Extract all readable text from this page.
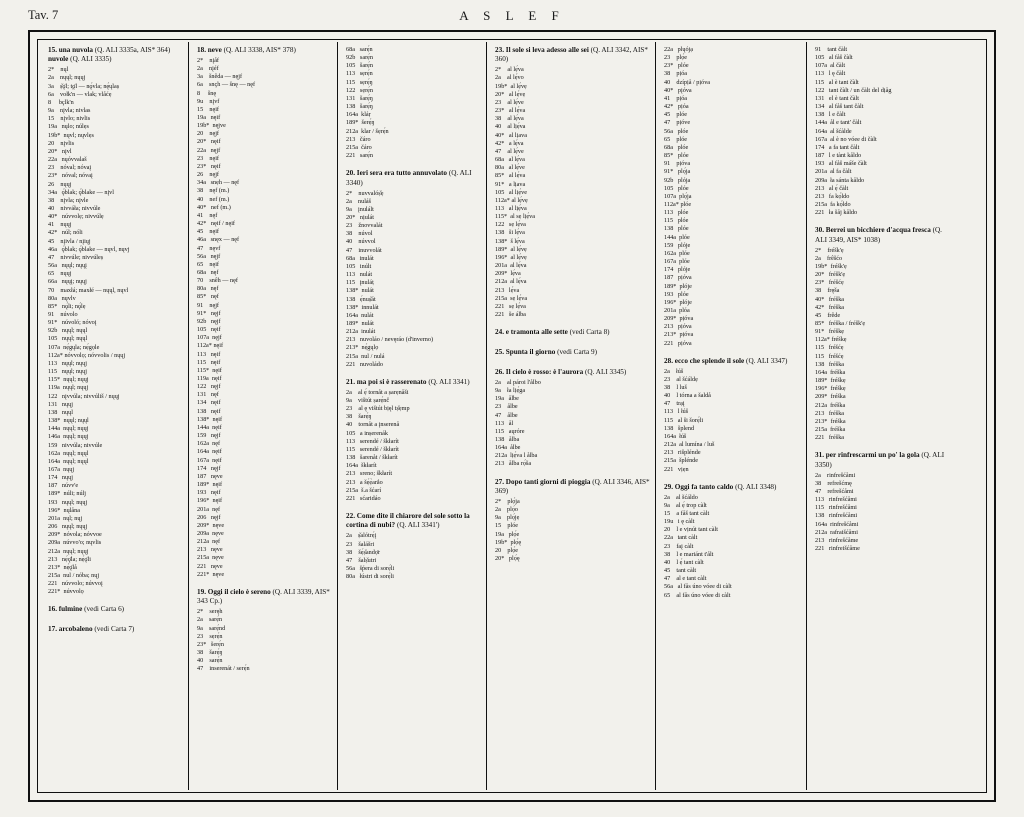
Tav. 7	A S L E F
15. una nuvola (Q. ALI 3335a, AIS* 364)
nuvole (Q. ALI 3335)
2*    nųl
2a    nųųl; nųųj
3a    ṣ̌ǫ̈l; t̜ǫ̈l — nǫ́vla; nę́ųlaṣ
6a    vołk'n — vlak; vlåćẹ
8     bçlk'n
9a    nįvla; nivlas
15    nįvlo; nivlis
19a   nųlo; núlẹs
19b*  nųvl; nųvlẹs
20    nįvlis
20*   nįvl
22a   nųóvvalaš
23    nóval; nóvaį
23*   nóval; nóvaį
26    nųųj
34a   ǫ́blak; ǫ́blake — nįvl
38    nįvla; nįvle
40    nivváła; nivvúle
40*   núvvolẹ; nivvúlẹ
41    nųųj
42*   núl; nóli
45    nįivla / nįiųj
46a   ǫ́blak; ǫ́blake — nųvl, nųvj
47    nivvúle; nivvúleṣ
56a   nųųl; nųųį
65    nųųj
66a   nųųį; nųųj
70    maxłá; maxłé — nųųl, nųvl
80a   nųvlv
85*   nǫ́li; nǫ́lẹ
91    núvolo
91*   núvoló; nóvoį
92b   nųųl; nųųl
105   nųųl; nųųl
107a  nẹ́gųla; nẹ́gọle
112a* nóvvolọ; nóvvolis / nųųj
113   nųųl; nųųj
115   nųųl; nųųj
115*  nųųl; nųųj
119a  nųųl; nųųj
122   nįvvúla; nivvúliš / nųųj
131   nųųj
138   nųųl
138*  nųųl; nųųl
144a  nųųl; nųųj
146a  nųųl; nųųj
159   nivvúla; nivvúle
162a  nųųl; nųųl
164a  nųųl; nųųl
167a  nųųj
174   nųųj
187   núvv'e
189*  núli; núlj
193   nųųl; nųųj
196*  nųlåna
201a  nųl; nųj
206   nųųl; nųųj
209*  nóvola; nóvvoe
209a  núvvo'o; nųvlis
212a  nųųl; nųųj
213   nẹ́ǫ̈la; nẹ́ǫ̈li
213*  nẹ́ǫ̈lå
215a  nul / nóba; nųj
221   núvvolo; núvvoį
221*  núvvolọ
16. fulmine (vedi Carta 6)
17. arcobaleno (vedi Carta 7)
18. neve (Q. ALI 3338, AIS* 378)
2*    nįåf
2a    nįéf
3a    šnêda — nęjf
6a    snçh — šnę — nęf
8     šnę
9u    nįvf
15    nęif
19a   nęif
19b*  nęjve
20    nęjf
20*   nęif
22a   nęjf
23    nęif
23*   nęif
26    nęjf
34a   snẹh — nęf
38    nęf (m.)
40    nef (m.)
40*   nef (m.)
41    nęf
42*   nęif / nęif
45    nęif
46a   snęx — nęf
47    nęvf
56a   nęjf
65    nęif
68a   nęf
70    snêh — nęf
80a   nęf
85*   nęf
91    nęjf
91*   nęjf
92b   nęjf
105   nęif
107a  nęjf
112a* nęif
113   nęif
115   nęif
115*  nęif
119a  nęif
122   nęjf
131   nęf
134   nęif
138   nęif
138*  nęif
144a  nęif
159   nęjf
162a  nęf
164a  nęif
167a  nęif
174   nęjf
187   nęve
189*  nęif
193   nęif
196*  nęif
201a  nęf
206   nęjf
209*  nęve
209a  nęve
212a  nęf
213   nęve
215a  nęve
221   nęve
221*  nęve
19. Oggi il cielo è sereno (Q. ALI 3339, AIS* 343 Cp.)
2*    seręh
2a    sarẹ́n
9a    sarẹ́nd
23    sẹrẹ́n
23*   šerẹ́n
38    šarẹ́ŋ
40    sarẹ́n
47    inserenát / serẹ́n
68a   sarẹ́n
92b   sarẹ́n
105   šarẹ́n
113   sẹrẹ́n
115   sẹrẹ́ŋ
122   sẹrẹ́n
131   šarẹ́ŋ
138   šarẹ́ŋ
164a  kláṛ
189*  šerẹ́ŋ
212a  klar / šẹrẹ́n
213   čáro
215a  čáro
221   sarẹ́n
20. Ieri sera era tutto annuvolato (Q. ALI 3340)
2*    nuvvalóṣ̌ẹ
2a    nuláš
9a    įnulált
20*   nịulát
23    žnovvalát
38    núvol
40    núvvol
47    inuvvolát
68a   inulát
105   inúlt
113   nulát
115   įnuláṭ
138*  nulát
138   ẹ́nuṣ̌át
138*  innulát
164a  nulát
189*  nulát
212a  inulát
213   nuvoláo / nevęráo (d'inverno)
213*  nẹ́gųlọ
215a  nul / nulá
221   nuvoládo
21. ma poi si è rasserenato (Q. ALI 3341)
2a    al ẹ́ tornåt a ṣarẹnåši
9a    vištút ṣarẹ́nč
23    al ę vištút bịęl tṣ̌ẹmp
38    šarẹ́ŋ
40    tornåt a įnserenå
105   a inṣerenák
113   serendé / škłarít
115   serendé / škłarít
138   šarenåt / škłarít
164a  škłarít
213   sreno; škłarít
213   a šẹ́ẹ̀arắo
215a  š.a šćarí
221   sćaridáo
22. Come dite il chiarore del sole sotto la cortina di nubi? (Q. ALI 3341')
2a    ṣ̌alótrẹ́į
23    šalášri
38    šẹ́ṣ̌andọ̈r
47    šalṣ̌utri
56a   šṕera di sorẹ́li
80a   łústri di sorẹ́li
23. Il sole si leva adesso alle sei (Q. ALI 3342, AIS* 360)
2*    al lẹ́va
2a    al lẹ́vo
19b*  al lẹ́vẹ
20*   al lẹ́vẹ
23    al lẹ́ve
23*   al lẹ́va
38    al lẹ́va
40    al lịẹ́va
40*   al lịava
42*   a lẹ́va
47    al lẹ́ve
68a   al lẹ́va
80a   al lẹ́ve
85*   al lẹ́va
91*   a lịava
105   al lịẹ́ve
112a* al lẹ́vẹ
113   al lịẹ́va
115*  al sẹ lịẹ́va
122   sẹ lẹ́va
138   ši lẹ́va
138*  š lẹ́va
189*  al lẹ́vẹ
196*  al lẹ́vẹ
201a  al lẹ́va
209*  lẹ́va
212a  al lẹ́va
213   lẹ́va
215a  sẹ lẹ́va
221   sẹ lẹ́va
221   še álba
24. e tramonta alle sette (vedi Carta 8)
25. Spunta il giorno (vedi Carta 9)
26. Il cielo è rosso: è l'aurora (Q. ALI 3345)
2a    al pároi l'ålbo
9a    ła lịẹ́ga
19a   ålbe
23    ålbe
47    ålbe
113   ål
115   aųróre
138   ålba
164a  ålbe
212a  lịẹ́va l ålba
213   ålba rọ́ša
27. Dopo tanti giorni di pioggia (Q. ALI 3346, AIS* 369)
2*    plọ́ja
2a    plọ́o
9a    plọ́jẹ
15    plóe
19a   plọ́e
19b*  plọ́ę
20    plọ́e
20*   plọ́ę
22a   plųójạ
23    plọ́e
23*   plóe
38    pịóa
40    dzípịå / pịóva
40*   pįóva
41    pịóa
42*   pịóa
45    plóe
47    pịóve
56a   plóe
65    plóe
68a   plóe
85*   plóe
91    pịóva
91*   plọ́ja
92b   plója
105   plóe
107a  plọ́ja
112a* plóe
113   plóe
115   plóe
138   plóe
144a  plóe
159   plóje
162a  plóe
167a  plóe
174   plóje
187   pịóva
189*  plóje
193   plóe
196*  plóje
201a  plóa
209*  pịóva
213   pịóva
213*  pịóva
221   pịóva
28. ecco che splende il sole (Q. ALI 3347)
2a    łúš
23    al šćáldẹ
38    l luš
40    l tórna a šaldå
47    trạį
113   l łúš
115   al ši šorẹ́li
138   šplend
164a  łúš
212a  al lumína / luš
213   rišplénde
215a  šplénde
221   vịẹn
29. Oggi fa tanto caldo (Q. ALI 3348)
2a    al šćáldo
9a    al ẹ́ trop càlt
15    a fåš tant càlt
19u   i ę càlt
20    l e vịnút tant càlt
22a   tant càlt
23    faį càlt
38    l e mariánt t'ålt
40    l ẹ́ tant càlt
45    tant càlt
47    al e tant càlt
56a   al fås úno vóee di càlt
65    al fås úno vóee di càlt
91    tant čàlt
105   al fåš čàlt
107a  al čàlt
113   l ę čàlt
115   al è tant čàlt
122   tant čàlt / un čàlt del dịåg
131   el è tant čàlt
134   al fåš tant čàlt
138   l e čàlt
144a  ål e tant' čàlt
164a  al šćàlde
167a  al è no vóee di čàlt
174   a fa tant čàlt
187   l e tànt kåldo
193   al fåš máše čàlt
201a  al fa čàlt
209a  ła sánta kåldo
213   al ẹ́ čàlt
213   fa kọ́ldo
215a  fa kọ́ldo
221   ła šåj kåldo
30. Berrei un bicchiere d'acqua fresca (Q. ALI 3349, AIS* 1038)
2*    fréšk'ẹ
2a    frêšćo
19b*  fréšk'ẹ
20*   fréšk'ẹ
23*   fréšćẹ
38    fręša
40*   fréška
42*   fréška
45    frêde
85*   fréška / fréšk'ẹ
91*   fréškẹ
112a* fréškẹ
115   fréšćẹ
115   fréšćẹ
138   fréška
164a  fréška
189*  fréškẹ
196*  fréškẹ
209*  fréška
212a  fréška
213   fréška
213*  fréška
215a  fréška
221   fréška
31. per rinfrescarmi un po' la gola (Q. ALI 3350)
2a    rinfrešćåmi
38    refrešćmę
47    refrešćåmi
113   rinfrešćåmi
115   rinfrešćåmi
138   rinfrešćåmi
164a  rinfrešćåmi
212a  rafraišćåmi
213   rinfrešćåme
221   rinfreišćåme
